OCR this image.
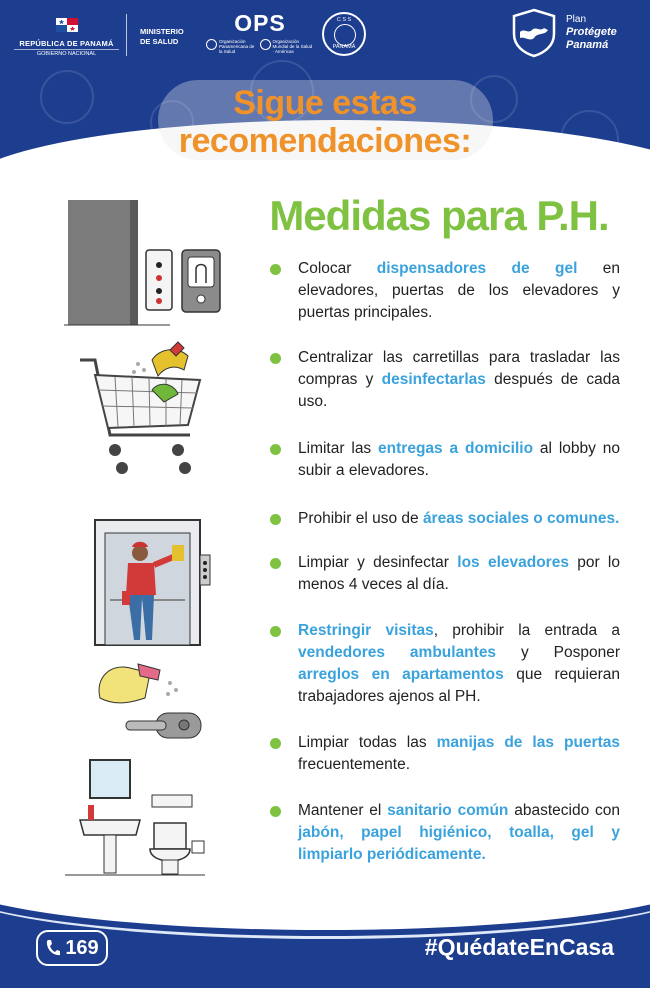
REPÚBLICA DE PANAMÁ
GOBIERNO NACIONAL
MINISTERIO
DE SALUD
OPS
Organización Panamericana de la Salud
Organización Mundial de la Salud · Américas
C S S
PANAMÁ
Plan
Protégete
Panamá
Sigue estas
recomendaciones:
Medidas para P.H.
Colocar dispensadores de gel en elevadores, puertas de los elevadores y puertas principales.
Centralizar las carretillas para trasladar las compras y desinfectarlas después de cada uso.
Limitar las entregas a domicilio al lobby no subir a elevadores.
Prohibir el uso de áreas sociales o comunes.
Limpiar y desinfectar los elevadores por lo menos 4 veces al día.
Restringir visitas, prohibir la entrada a vendedores ambulantes y Posponer arreglos en apartamentos que requieran trabajadores ajenos al PH.
Limpiar todas las manijas de las puertas frecuentemente.
Mantener el sanitario común abastecido con jabón, papel higiénico, toalla, gel y limpiarlo periódicamente.
169	#QuédateEnCasa
